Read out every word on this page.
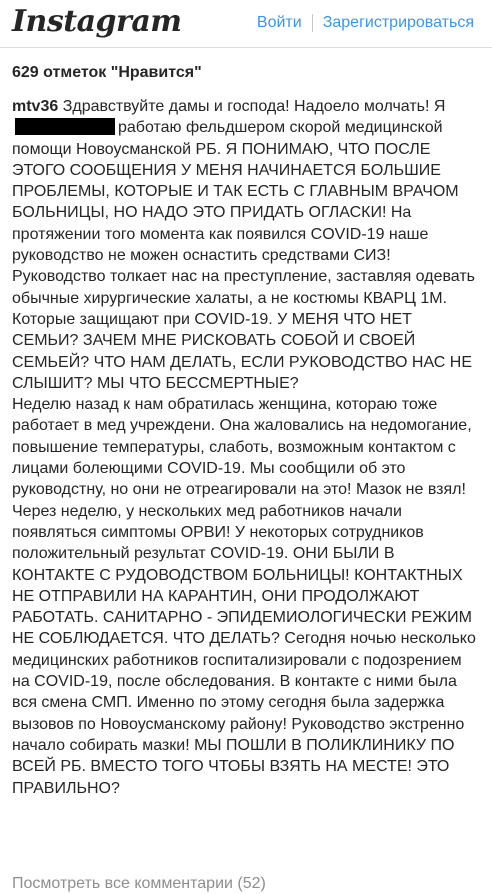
Instagram	Войти Зарегистрироваться
629 отметок "Нравится"
mtv36 Здравствуйте дамы и господа! Надоело молчать! Яработаю фельдшером скорой медицинской помощи Новоусманской РБ. Я ПОНИМАЮ, ЧТО ПОСЛЕ ЭТОГО СООБЩЕНИЯ У МЕНЯ НАЧИНАЕТСЯ БОЛЬШИЕ ПРОБЛЕМЫ, КОТОРЫЕ И ТАК ЕСТЬ С ГЛАВНЫМ ВРАЧОМ БОЛЬНИЦЫ, НО НАДО ЭТО ПРИДАТЬ ОГЛАСКИ! На протяжении того момента как появился COVID-19 наше руководство не можен оснастить средствами СИЗ! Руководство толкает нас на преступление, заставляя одевать обычные хирургические халаты, а не костюмы КВАРЦ 1М. Которые защищают при COVID-19. У МЕНЯ ЧТО НЕТ СЕМЬИ? ЗАЧЕМ МНЕ РИСКОВАТЬ СОБОЙ И СВОЕЙ СЕМЬЕЙ? ЧТО НАМ ДЕЛАТЬ, ЕСЛИ РУКОВОДСТВО НАС НЕ СЛЫШИТ? МЫ ЧТО БЕССМЕРТНЫЕ?
Неделю назад к нам обратилась женщина, котораю тоже работает в мед учреждени. Она жаловались на недомогание, повышение температуры, слаботь, возможным контактом с лицами болеющими COVID-19. Мы сообщили об это руководстну, но они не отреагировали на это! Мазок не взял! Через неделю, у нескольких мед работников начали появляться симптомы ОРВИ! У некоторых сотрудников положительный результат COVID-19. ОНИ БЫЛИ В КОНТАКТЕ С РУДОВОДСТВОМ БОЛЬНИЦЫ! КОНТАКТНЫХ НЕ ОТПРАВИЛИ НА КАРАНТИН, ОНИ ПРОДОЛЖАЮТ РАБОТАТЬ. САНИТАРНО - ЭПИДЕМИОЛОГИЧЕСКИ РЕЖИМ НЕ СОБЛЮДАЕТСЯ. ЧТО ДЕЛАТЬ? Сегодня ночью несколько медицинских работников госпитализировали с подозрением на COVID-19, после обследования. В контакте с ними была вся смена СМП. Именно по этому сегодня была задержка вызовов по Новоусманскому району! Руководство экстренно начало собирать мазки! МЫ ПОШЛИ В ПОЛИКЛИНИКУ ПО ВСЕЙ РБ. ВМЕСТО ТОГО ЧТОБЫ ВЗЯТЬ НА МЕСТЕ! ЭТО ПРАВИЛЬНО?
Посмотреть все комментарии (52)
